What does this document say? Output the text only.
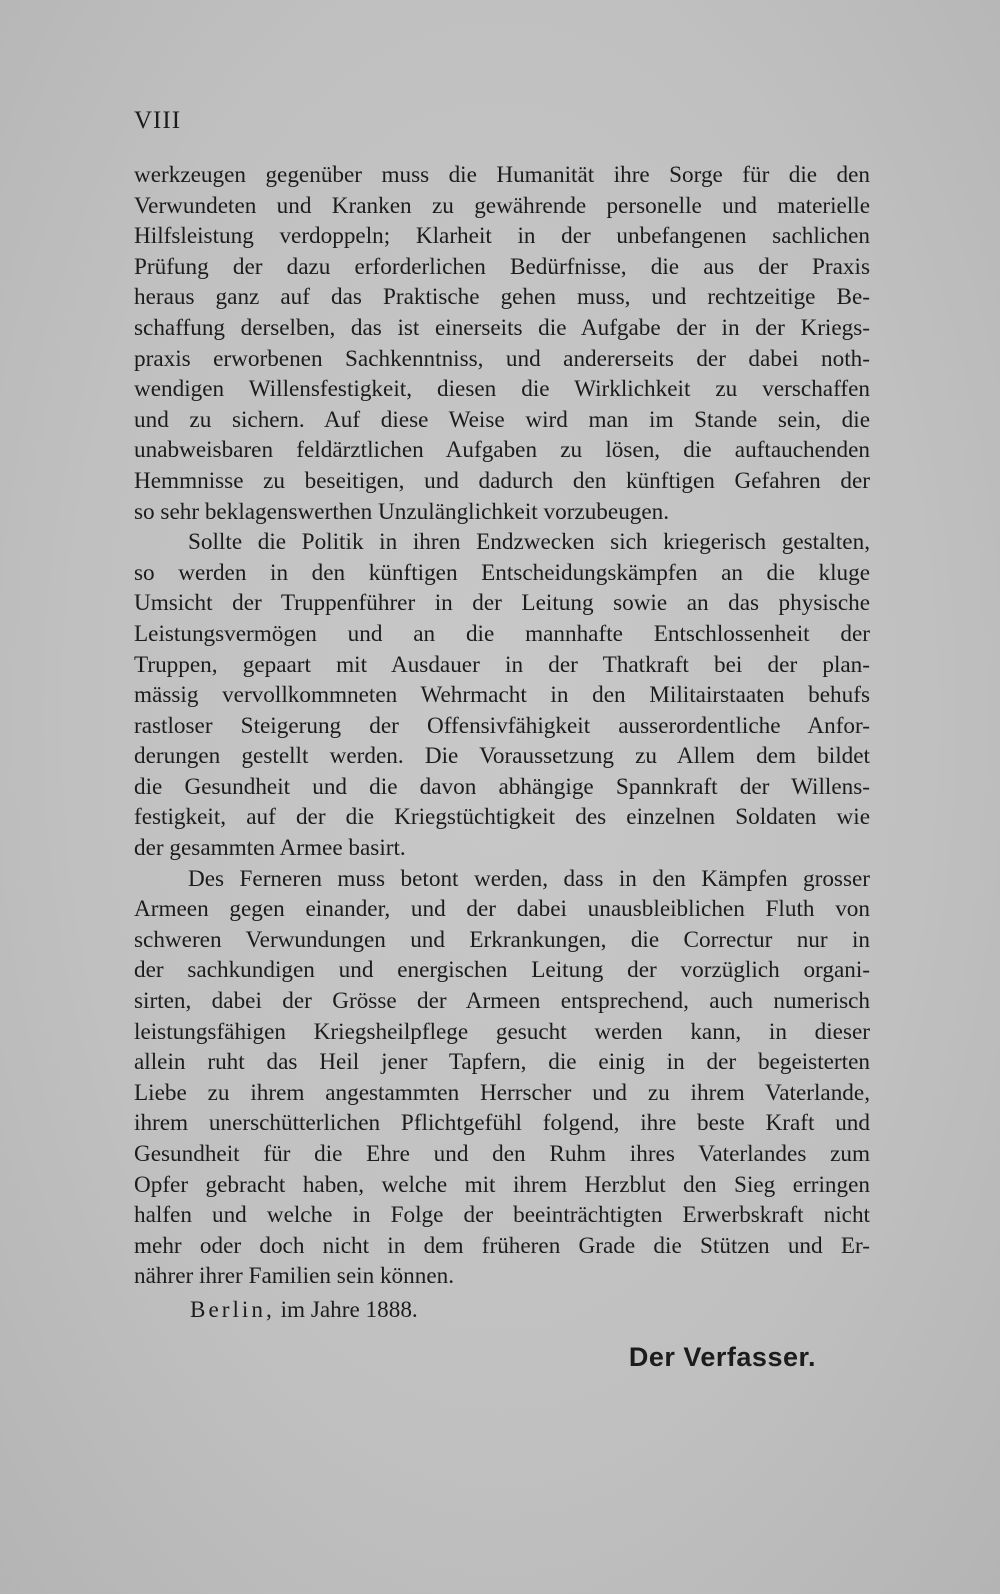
VIII
werkzeugen gegenüber muss die Humanität ihre Sorge für die den
Verwundeten und Kranken zu gewährende personelle und materielle
Hilfsleistung verdoppeln; Klarheit in der unbefangenen sachlichen
Prüfung der dazu erforderlichen Bedürfnisse, die aus der Praxis
heraus ganz auf das Praktische gehen muss, und rechtzeitige Be-
schaffung derselben, das ist einerseits die Aufgabe der in der Kriegs-
praxis erworbenen Sachkenntniss, und andererseits der dabei noth-
wendigen Willensfestigkeit, diesen die Wirklichkeit zu verschaffen
und zu sichern. Auf diese Weise wird man im Stande sein, die
unabweisbaren feldärztlichen Aufgaben zu lösen, die auftauchenden
Hemmnisse zu beseitigen, und dadurch den künftigen Gefahren der
so sehr beklagenswerthen Unzulänglichkeit vorzubeugen.
Sollte die Politik in ihren Endzwecken sich kriegerisch gestalten,
so werden in den künftigen Entscheidungskämpfen an die kluge
Umsicht der Truppenführer in der Leitung sowie an das physische
Leistungsvermögen und an die mannhafte Entschlossenheit der
Truppen, gepaart mit Ausdauer in der Thatkraft bei der plan-
mässig vervollkommneten Wehrmacht in den Militairstaaten behufs
rastloser Steigerung der Offensivfähigkeit ausserordentliche Anfor-
derungen gestellt werden. Die Voraussetzung zu Allem dem bildet
die Gesundheit und die davon abhängige Spannkraft der Willens-
festigkeit, auf der die Kriegstüchtigkeit des einzelnen Soldaten wie
der gesammten Armee basirt.
Des Ferneren muss betont werden, dass in den Kämpfen grosser
Armeen gegen einander, und der dabei unausbleiblichen Fluth von
schweren Verwundungen und Erkrankungen, die Correctur nur in
der sachkundigen und energischen Leitung der vorzüglich organi-
sirten, dabei der Grösse der Armeen entsprechend, auch numerisch
leistungsfähigen Kriegsheilpflege gesucht werden kann, in dieser
allein ruht das Heil jener Tapfern, die einig in der begeisterten
Liebe zu ihrem angestammten Herrscher und zu ihrem Vaterlande,
ihrem unerschütterlichen Pflichtgefühl folgend, ihre beste Kraft und
Gesundheit für die Ehre und den Ruhm ihres Vaterlandes zum
Opfer gebracht haben, welche mit ihrem Herzblut den Sieg erringen
halfen und welche in Folge der beeinträchtigten Erwerbskraft nicht
mehr oder doch nicht in dem früheren Grade die Stützen und Er-
nährer ihrer Familien sein können.
Berlin, im Jahre 1888.
Der Verfasser.
